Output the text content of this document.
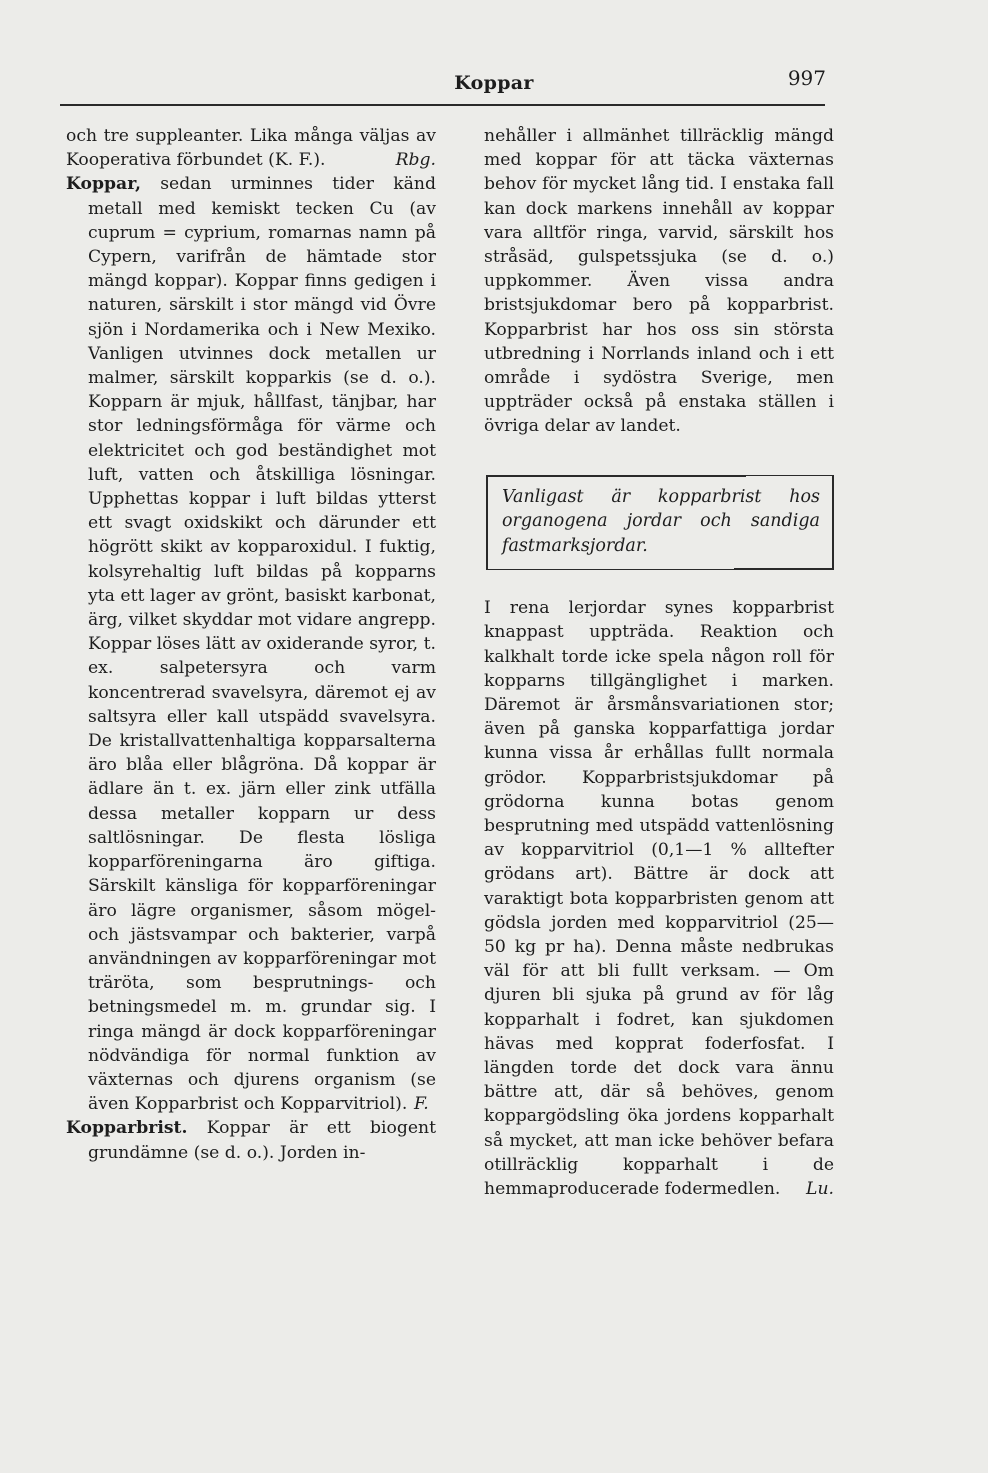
Koppar	997

och tre suppleanter. Lika många väljas av Kooperativa förbundet (K. F.).	Rbg.

Koppar, sedan urminnes tider känd metall med kemiskt tecken Cu (av cuprum = cyprium, romarnas namn på Cypern, varifrån de hämtade stor mängd koppar). Koppar finns gedigen i naturen, särskilt i stor mängd vid Övre sjön i Nordamerika och i New Mexiko. Vanligen utvinnes dock metallen ur malmer, särskilt kopparkis (se d. o.). Kopparn är mjuk, hållfast, tänjbar, har stor ledningsförmåga för värme och elektricitet och god beständighet mot luft, vatten och åtskilliga lösningar. Upphettas koppar i luft bildas ytterst ett svagt oxidskikt och därunder ett högrött skikt av kopparoxidul. I fuktig, kolsyrehaltig luft bildas på kopparns yta ett lager av grönt, basiskt karbonat, ärg, vilket skyddar mot vidare angrepp. Koppar löses lätt av oxiderande syror, t. ex. salpetersyra och varm koncentrerad svavelsyra, däremot ej av saltsyra eller kall utspädd svavelsyra. De kristallvattenhaltiga kopparsalterna äro blåa eller blågröna. Då koppar är ädlare än t. ex. järn eller zink utfälla dessa metaller kopparn ur dess saltlösningar. De flesta lösliga kopparföreningarna äro giftiga. Särskilt känsliga för kopparföreningar äro lägre organismer, såsom mögel- och jästsvampar och bakterier, varpå användningen av kopparföreningar mot träröta, som besprutnings- och betningsmedel m. m. grundar sig. I ringa mängd är dock kopparföreningar nödvändiga för normal funktion av växternas och djurens organism (se även Kopparbrist och Kopparvitriol). F.

Kopparbrist. Koppar är ett biogent grundämne (se d. o.). Jorden in-

nehåller i allmänhet tillräcklig mängd med koppar för att täcka växternas behov för mycket lång tid. I enstaka fall kan dock markens innehåll av koppar vara alltför ringa, varvid, särskilt hos stråsäd, gulspetssjuka (se d. o.) uppkommer. Även vissa andra bristsjukdomar bero på kopparbrist. Kopparbrist har hos oss sin största utbredning i Norrlands inland och i ett område i sydöstra Sverige, men uppträder också på enstaka ställen i övriga delar av landet.

Vanligast är kopparbrist hos organogena jordar och sandiga fastmarksjordar.

I rena lerjordar synes kopparbrist knappast uppträda. Reaktion och kalkhalt torde icke spela någon roll för kopparns tillgänglighet i marken. Däremot är årsmånsvariationen stor; även på ganska kopparfattiga jordar kunna vissa år erhållas fullt normala grödor. Kopparbristsjukdomar på grödorna kunna botas genom besprutning med utspädd vattenlösning av kopparvitriol (0,1—1 % alltefter grödans art). Bättre är dock att varaktigt bota kopparbristen genom att gödsla jorden med kopparvitriol (25—50 kg pr ha). Denna måste nedbrukas väl för att bli fullt verksam. — Om djuren bli sjuka på grund av för låg kopparhalt i fodret, kan sjukdomen hävas med kopprat foderfosfat. I längden torde det dock vara ännu bättre att, där så behöves, genom koppargödsling öka jordens kopparhalt så mycket, att man icke behöver befara otillräcklig kopparhalt i de hemmaproducerade fodermedlen. Lu.
